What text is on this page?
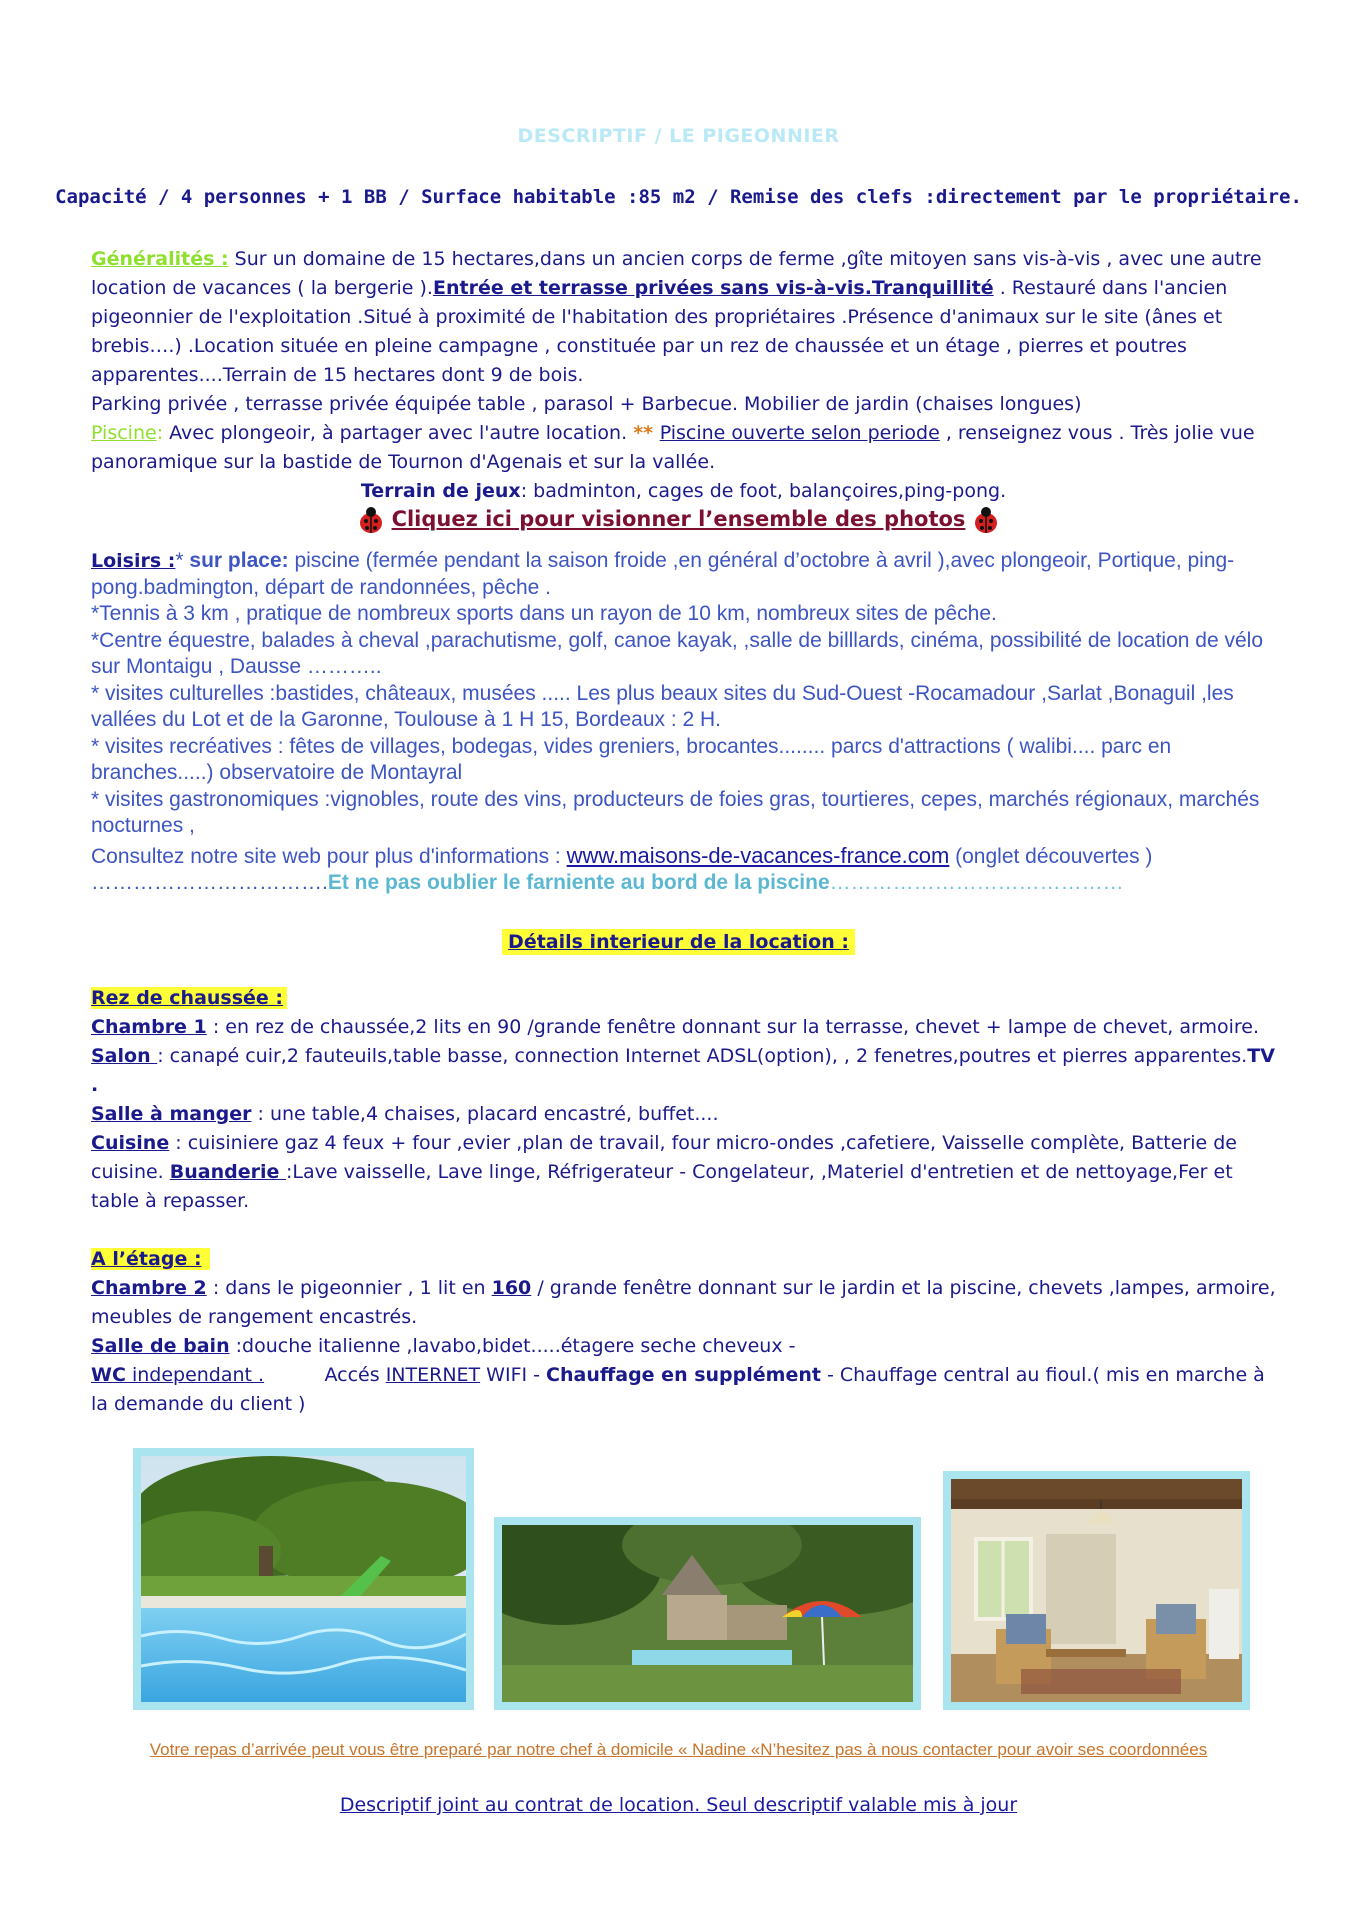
DESCRIPTIF / LE PIGEONNIER
Capacité / 4 personnes + 1 BB / Surface habitable :85 m2 / Remise des clefs :directement par le propriétaire.
Généralités : Sur un domaine de 15 hectares,dans un ancien corps de ferme ,gîte mitoyen sans vis-à-vis , avec une autre location de vacances ( la bergerie ).Entrée et terrasse privées sans vis-à-vis.Tranquillité . Restauré dans l'ancien pigeonnier de l'exploitation .Situé à proximité de l'habitation des propriétaires .Présence d'animaux sur le site (ânes et brebis….) .Location située en pleine campagne , constituée par un rez de chaussée et un étage , pierres et poutres apparentes....Terrain de 15 hectares dont 9 de bois.
Parking privée , terrasse privée équipée table , parasol + Barbecue. Mobilier de jardin (chaises longues)
Piscine: Avec plongeoir, à partager avec l'autre location. ** Piscine ouverte selon periode , renseignez vous . Très jolie vue panoramique sur la bastide de Tournon d'Agenais et sur la vallée.
Terrain de jeux: badminton, cages de foot, balançoires,ping-pong.
Cliquez ici pour visionner l’ensemble des photos
Loisirs :* sur place: piscine (fermée pendant la saison froide ,en général d’octobre à avril ),avec plongeoir, Portique, ping-pong.badmington, départ de randonnées, pêche .
*Tennis à 3 km , pratique de nombreux sports dans un rayon de 10 km, nombreux sites de pêche.
*Centre équestre, balades à cheval ,parachutisme, golf, canoe kayak, ,salle de billlards, cinéma, possibilité de location de vélo sur Montaigu , Dausse ………..
* visites culturelles :bastides, châteaux, musées ..... Les plus beaux sites du Sud-Ouest -Rocamadour ,Sarlat ,Bonaguil ,les vallées du Lot et de la Garonne, Toulouse à 1 H 15, Bordeaux : 2 H.
* visites recréatives : fêtes de villages, bodegas, vides greniers, brocantes........ parcs d'attractions ( walibi.... parc en branches.....) observatoire de Montayral
* visites gastronomiques :vignobles, route des vins, producteurs de foies gras, tourtieres, cepes, marchés régionaux, marchés nocturnes ,
Consultez notre site web pour plus d'informations : www.maisons-de-vacances-france.com (onglet découvertes )
…………………………….Et ne pas oublier le farniente au bord de la piscine……………………………………
Détails interieur de la location :
Rez de chaussée :
Chambre 1 : en rez de chaussée,2 lits en 90 /grande fenêtre donnant sur la terrasse, chevet + lampe de chevet, armoire.
Salon : canapé cuir,2 fauteuils,table basse, connection Internet ADSL(option), , 2 fenetres,poutres et pierres apparentes.TV .
Salle à manger : une table,4 chaises, placard encastré, buffet....
Cuisine : cuisiniere gaz 4 feux + four ,evier ,plan de travail, four micro-ondes ,cafetiere, Vaisselle complète, Batterie de cuisine. Buanderie :Lave vaisselle, Lave linge, Réfrigerateur - Congelateur, ,Materiel d'entretien et de nettoyage,Fer et table à repasser.
A l’étage :
Chambre 2 : dans le pigeonnier , 1 lit en 160 / grande fenêtre donnant sur le jardin et la piscine, chevets ,lampes, armoire, meubles de rangement encastrés.
Salle de bain :douche italienne ,lavabo,bidet.....étagere seche cheveux -
WC independant .          Accés INTERNET WIFI - Chauffage en supplément - Chauffage central au fioul.( mis en marche à la demande du client )
Votre repas d’arrivée peut vous être preparé par notre chef à domicile « Nadine «N’hesitez pas à nous contacter pour avoir ses coordonnées
Descriptif joint au contrat de location. Seul descriptif valable mis à jour
